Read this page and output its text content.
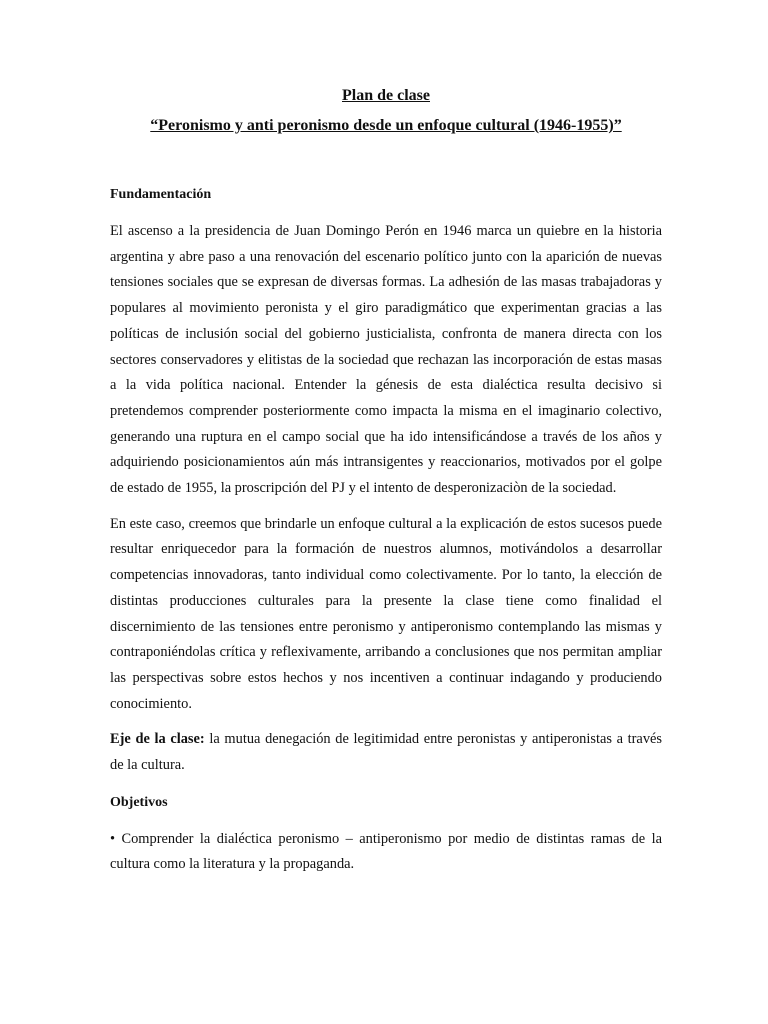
Plan de clase
“Peronismo y anti peronismo desde un enfoque cultural (1946-1955)”
Fundamentación

El ascenso a la presidencia de Juan Domingo Perón en 1946 marca un quiebre en la historia argentina y abre paso a una renovación del escenario político junto con la aparición de nuevas tensiones sociales que se expresan de diversas formas. La adhesión de las masas trabajadoras y populares al movimiento peronista y el giro paradigmático que experimentan gracias a las políticas de inclusión social del gobierno justicialista, confronta de manera directa con los sectores conservadores y elitistas de la sociedad que rechazan las incorporación de estas masas a la vida política nacional. Entender la génesis de esta dialéctica resulta decisivo si pretendemos comprender posteriormente como impacta la misma en el imaginario colectivo, generando una ruptura en el campo social que ha ido intensificándose a través de los años y adquiriendo posicionamientos aún más intransigentes y reaccionarios, motivados por el golpe de estado de 1955, la proscripción del PJ y el intento de desperonizaciòn de la sociedad.

En este caso, creemos que brindarle un enfoque cultural a la explicación de estos sucesos puede resultar enriquecedor para la formación de nuestros alumnos, motivándolos a desarrollar competencias innovadoras, tanto individual como colectivamente. Por lo tanto, la elección de distintas producciones culturales para la presente la clase tiene como finalidad el discernimiento de las tensiones entre peronismo y antiperonismo contemplando las mismas y contraponiéndolas crítica y reflexivamente, arribando a conclusiones que nos permitan ampliar las perspectivas sobre estos hechos y nos incentiven a continuar indagando y produciendo conocimiento.

Eje de la clase: la mutua denegación de legitimidad entre peronistas y antiperonistas a través de la cultura.

Objetivos

• Comprender la dialéctica peronismo – antiperonismo por medio de distintas ramas de la cultura como la literatura y la propaganda.
